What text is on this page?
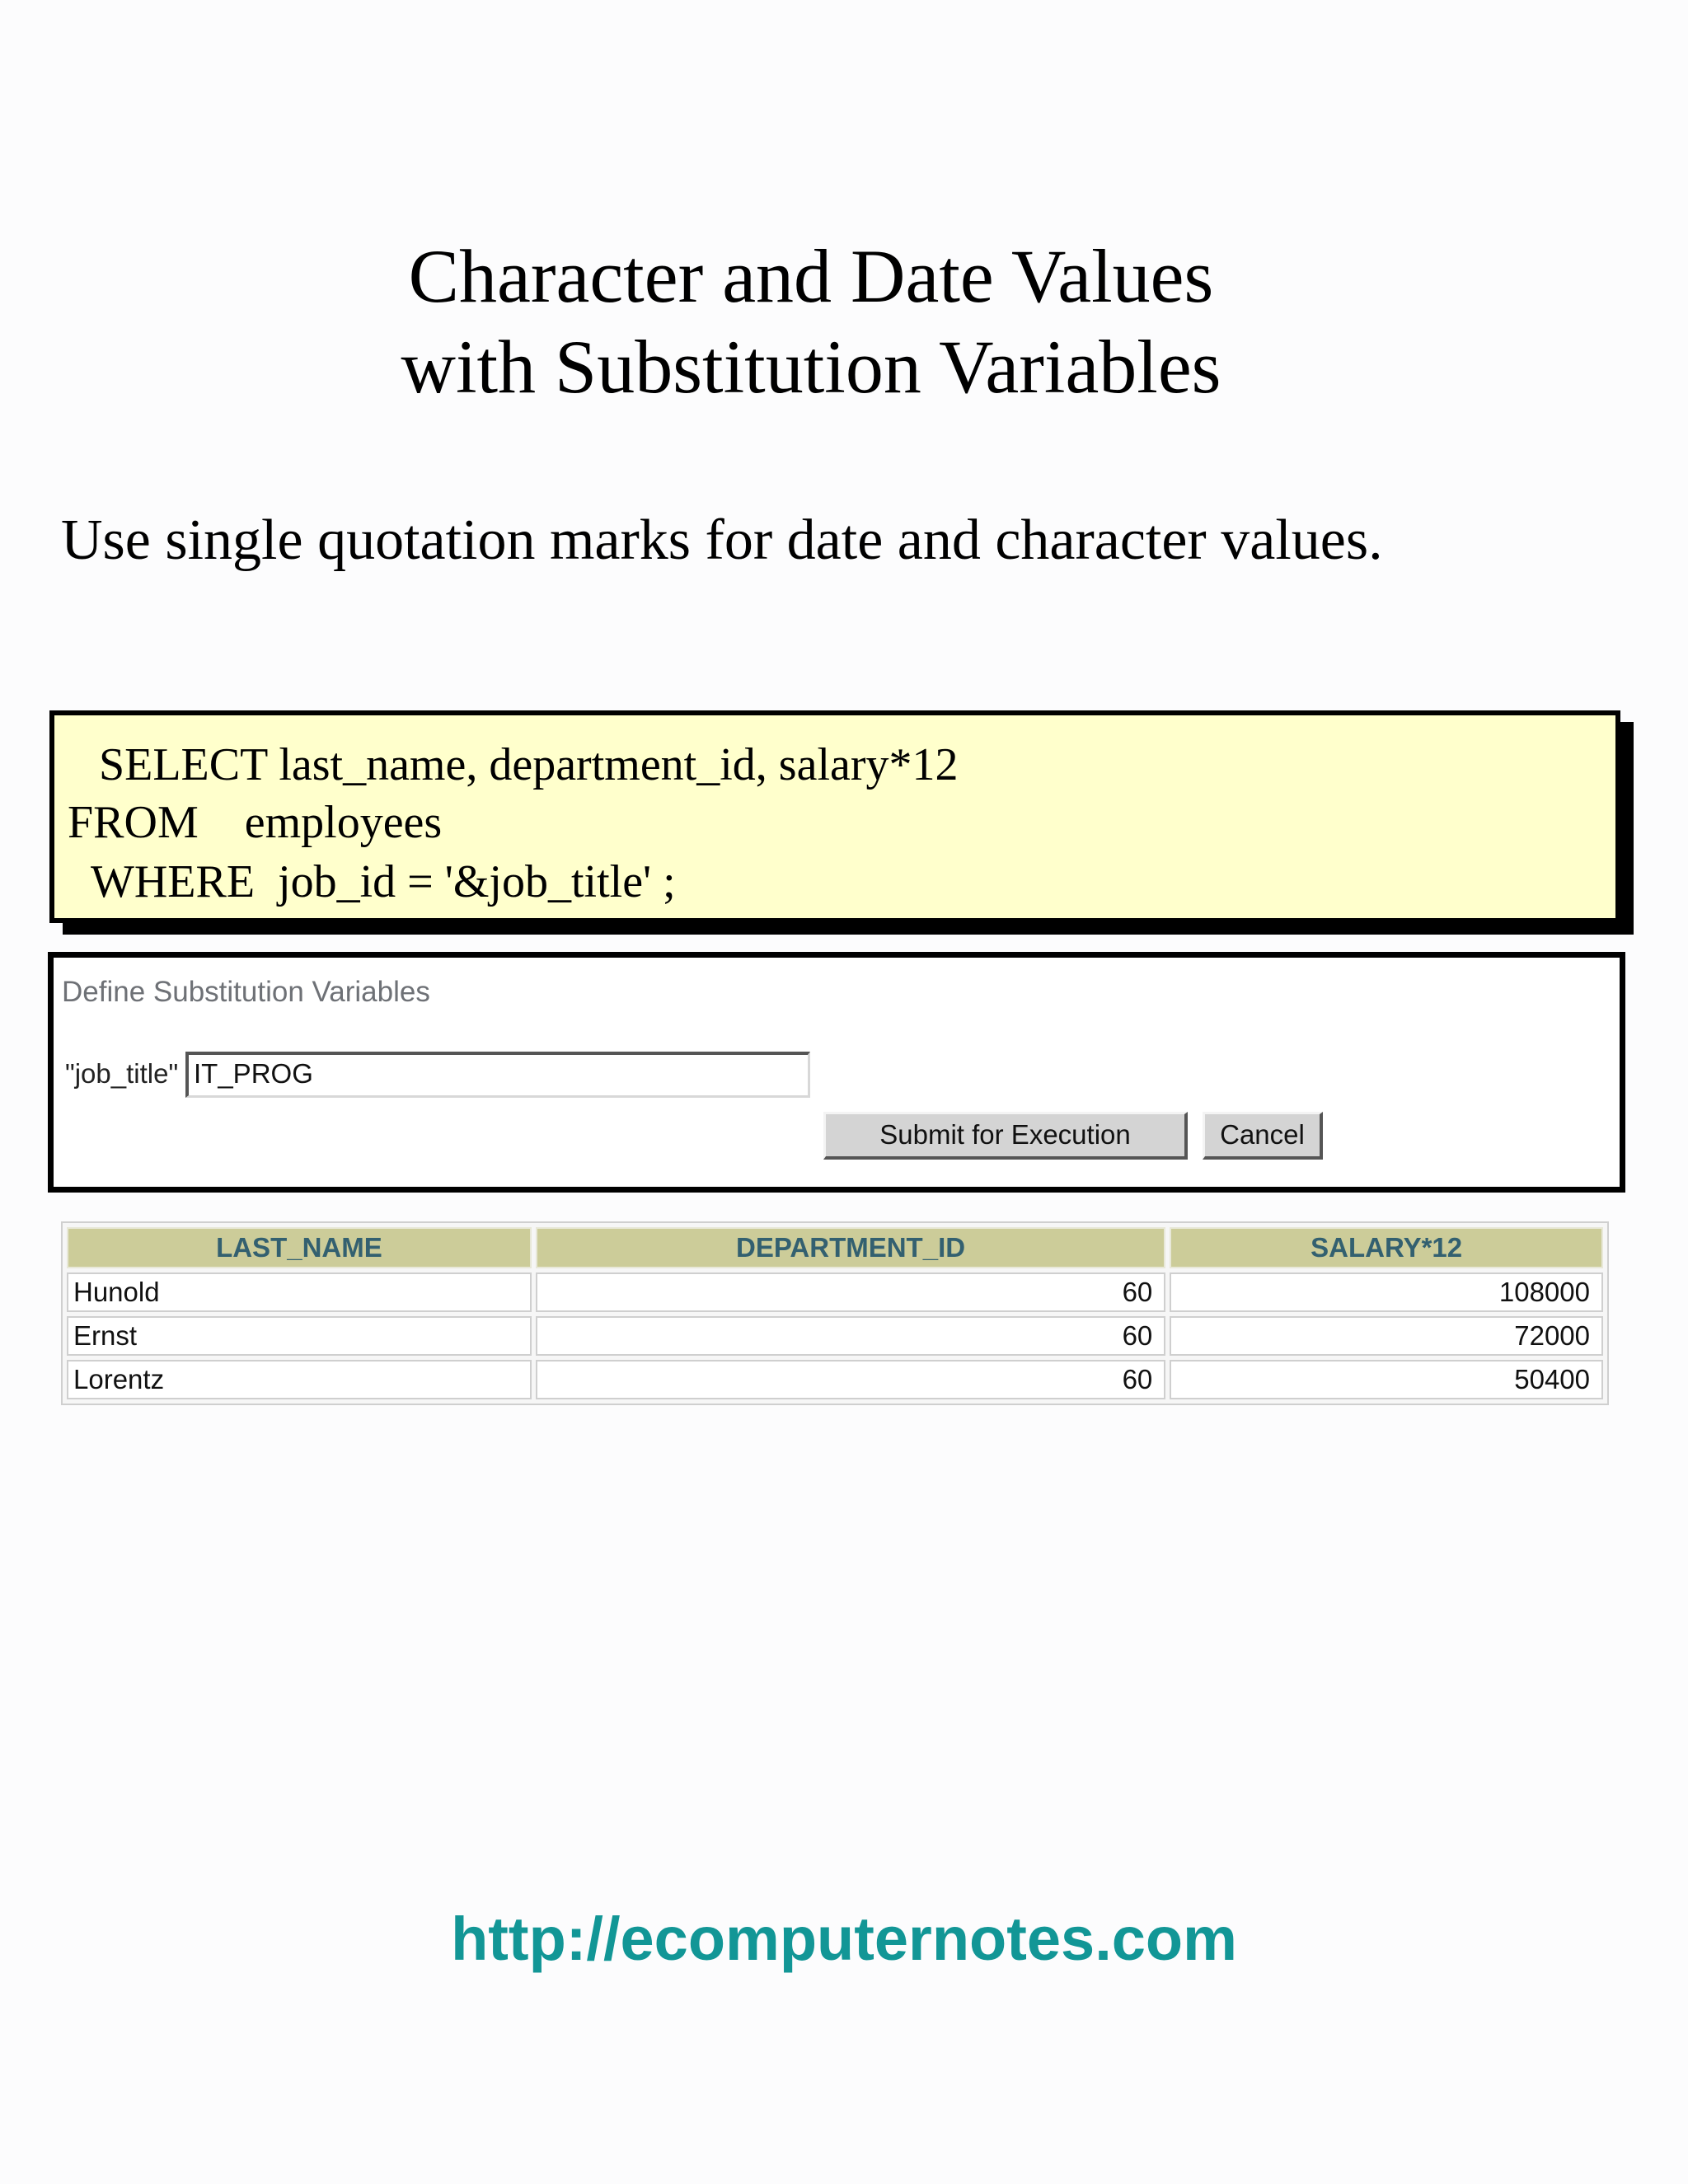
Character and Date Values
with Substitution Variables
Use single quotation marks for date and character values.
SELECT last_name, department_id, salary*12
FROM    employees
WHERE  job_id = '&job_title' ;
Define Substitution Variables
"job_title" IT_PROG
Submit for Execution	Cancel
LAST_NAME	DEPARTMENT_ID	SALARY*12
Hunold	60	108000
Ernst	60	72000
Lorentz	60	50400
http://ecomputernotes.com
